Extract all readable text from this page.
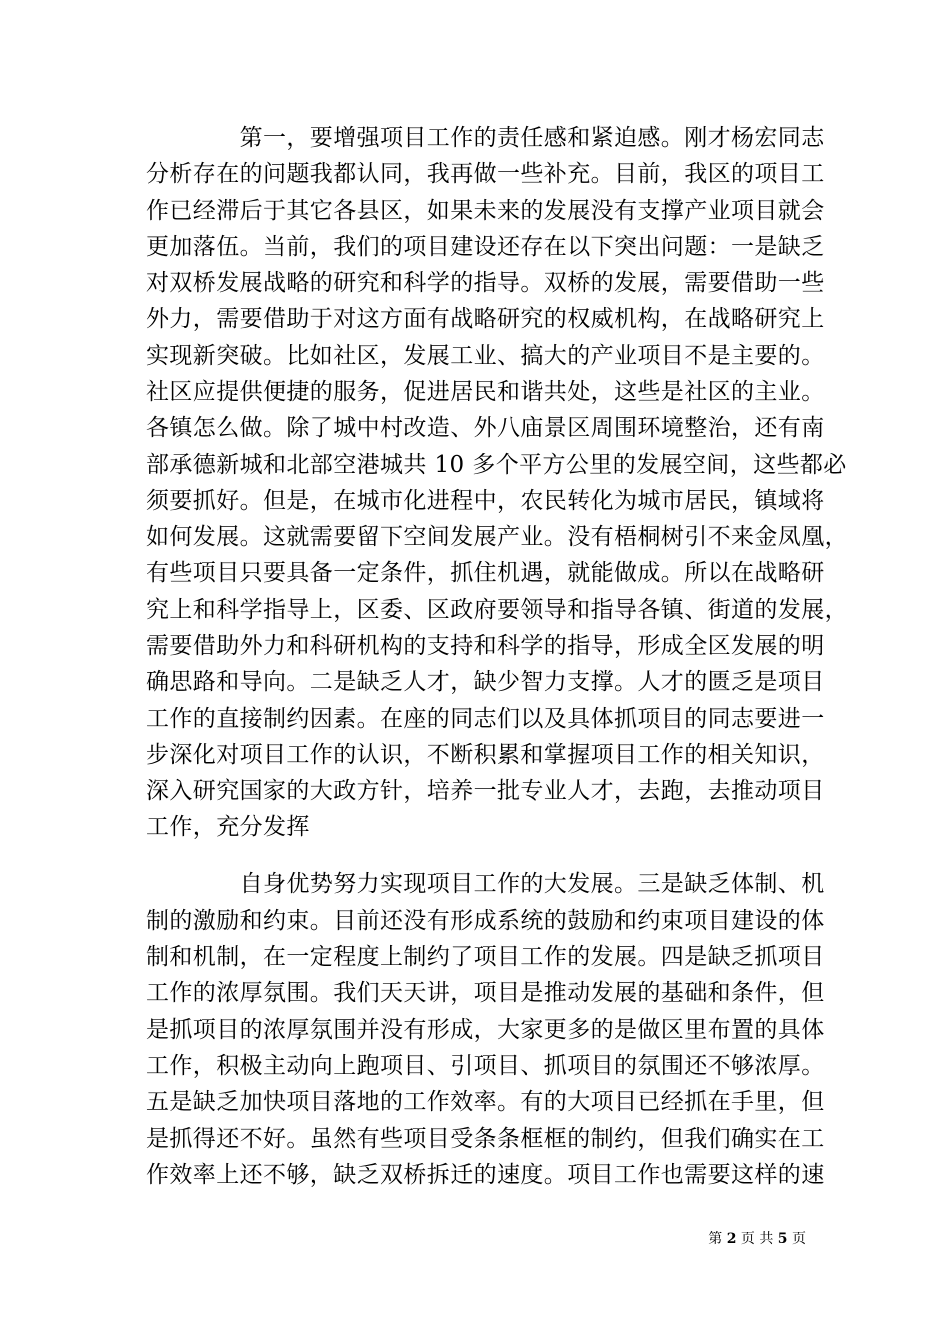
　　　　第一，要增强项目工作的责任感和紧迫感。刚才杨宏同志
分析存在的问题我都认同，我再做一些补充。目前，我区的项目工
作已经滞后于其它各县区，如果未来的发展没有支撑产业项目就会
更加落伍。当前，我们的项目建设还存在以下突出问题：一是缺乏
对双桥发展战略的研究和科学的指导。双桥的发展，需要借助一些
外力，需要借助于对这方面有战略研究的权威机构，在战略研究上
实现新突破。比如社区，发展工业、搞大的产业项目不是主要的。
社区应提供便捷的服务，促进居民和谐共处，这些是社区的主业。
各镇怎么做。除了城中村改造、外八庙景区周围环境整治，还有南
部承德新城和北部空港城共 10 多个平方公里的发展空间，这些都必
须要抓好。但是，在城市化进程中，农民转化为城市居民，镇域将
如何发展。这就需要留下空间发展产业。没有梧桐树引不来金凤凰，
有些项目只要具备一定条件，抓住机遇，就能做成。所以在战略研
究上和科学指导上，区委、区政府要领导和指导各镇、街道的发展，
需要借助外力和科研机构的支持和科学的指导，形成全区发展的明
确思路和导向。二是缺乏人才，缺少智力支撑。人才的匮乏是项目
工作的直接制约因素。在座的同志们以及具体抓项目的同志要进一
步深化对项目工作的认识，不断积累和掌握项目工作的相关知识，
深入研究国家的大政方针，培养一批专业人才，去跑，去推动项目
工作，充分发挥
　　　　自身优势努力实现项目工作的大发展。三是缺乏体制、机
制的激励和约束。目前还没有形成系统的鼓励和约束项目建设的体
制和机制，在一定程度上制约了项目工作的发展。四是缺乏抓项目
工作的浓厚氛围。我们天天讲，项目是推动发展的基础和条件，但
是抓项目的浓厚氛围并没有形成，大家更多的是做区里布置的具体
工作，积极主动向上跑项目、引项目、抓项目的氛围还不够浓厚。
五是缺乏加快项目落地的工作效率。有的大项目已经抓在手里，但
是抓得还不好。虽然有些项目受条条框框的制约，但我们确实在工
作效率上还不够，缺乏双桥拆迁的速度。项目工作也需要这样的速
第 2 页 共 5 页
